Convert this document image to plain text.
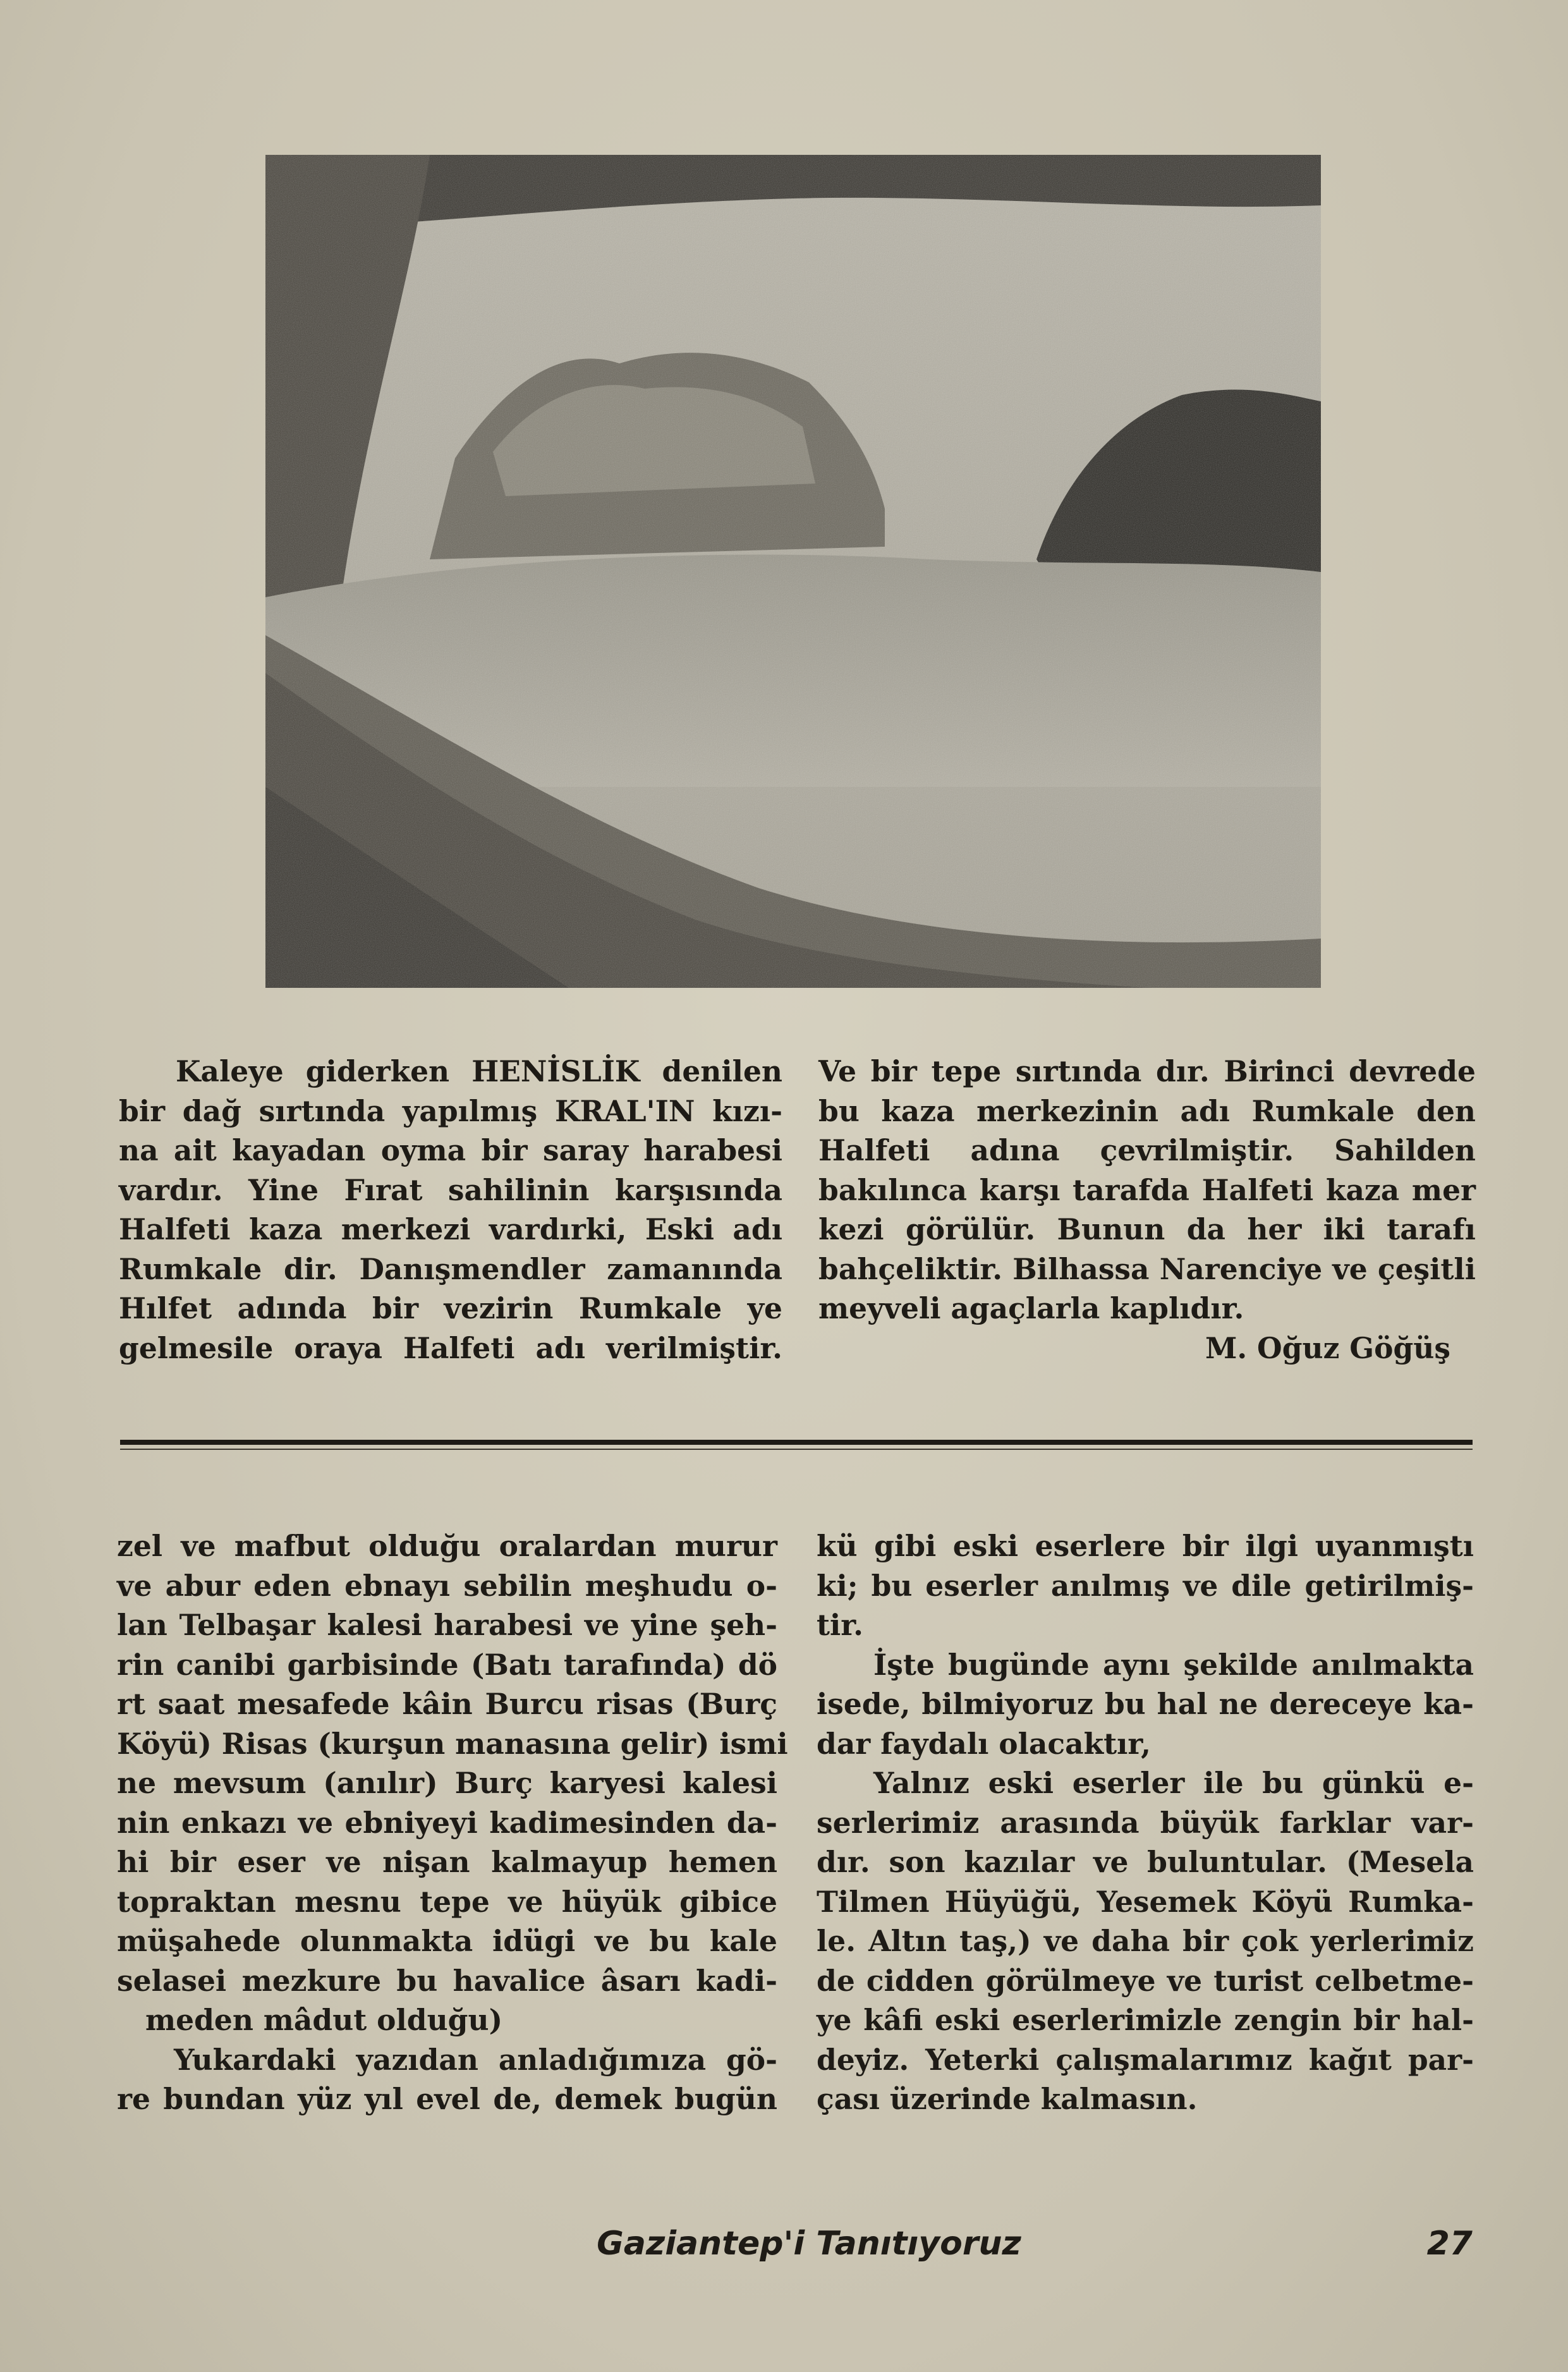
Kaleye giderken HENİSLİK denilen

bir dağ sırtında yapılmış KRAL'IN kızı-

na ait kayadan oyma bir saray harabesi

vardır. Yine Fırat sahilinin karşısında

Halfeti kaza merkezi vardırki, Eski adı

Rumkale dir. Danışmendler zamanında

Hılfet adında bir vezirin Rumkale ye

gelmesile oraya Halfeti adı verilmiştir.

Ve bir tepe sırtında dır. Birinci devrede

bu kaza merkezinin adı Rumkale den

Halfeti adına çevrilmiştir. Sahilden

bakılınca karşı tarafda Halfeti kaza mer

kezi görülür. Bunun da her iki tarafı

bahçeliktir. Bilhassa Narenciye ve çeşitli

meyveli agaçlarla kaplıdır.

M. Oğuz Göğüş

zel ve mafbut olduğu oralardan murur

ve abur eden ebnayı sebilin meşhudu o-

lan Telbaşar kalesi harabesi ve yine şeh-

rin canibi garbisinde (Batı tarafında) dö

rt saat mesafede kâin Burcu risas (Burç

Köyü) Risas (kurşun manasına gelir) ismi

ne mevsum (anılır) Burç karyesi kalesi

nin enkazı ve ebniyeyi kadimesinden da-

hi bir eser ve nişan kalmayup hemen

topraktan mesnu tepe ve hüyük gibice

müşahede olunmakta idügi ve bu kale

selasei mezkure bu havalice âsarı kadi-

meden mâdut olduğu)

Yukardaki yazıdan anladığımıza gö-

re bundan yüz yıl evel de, demek bugün

kü gibi eski eserlere bir ilgi uyanmıştı

ki; bu eserler anılmış ve dile getirilmiş-

tir.

İşte bugünde aynı şekilde anılmakta

isede, bilmiyoruz bu hal ne dereceye ka-

dar faydalı olacaktır,

Yalnız eski eserler ile bu günkü e-

serlerimiz arasında büyük farklar var-

dır. son kazılar ve buluntular. (Mesela

Tilmen Hüyüğü, Yesemek Köyü Rumka-

le. Altın taş,) ve daha bir çok yerlerimiz

de cidden görülmeye ve turist celbetme-

ye kâfi eski eserlerimizle zengin bir hal-

deyiz. Yeterki çalışmalarımız kağıt par-

çası üzerinde kalmasın.

Gaziantep'i Tanıtıyoruz	27
